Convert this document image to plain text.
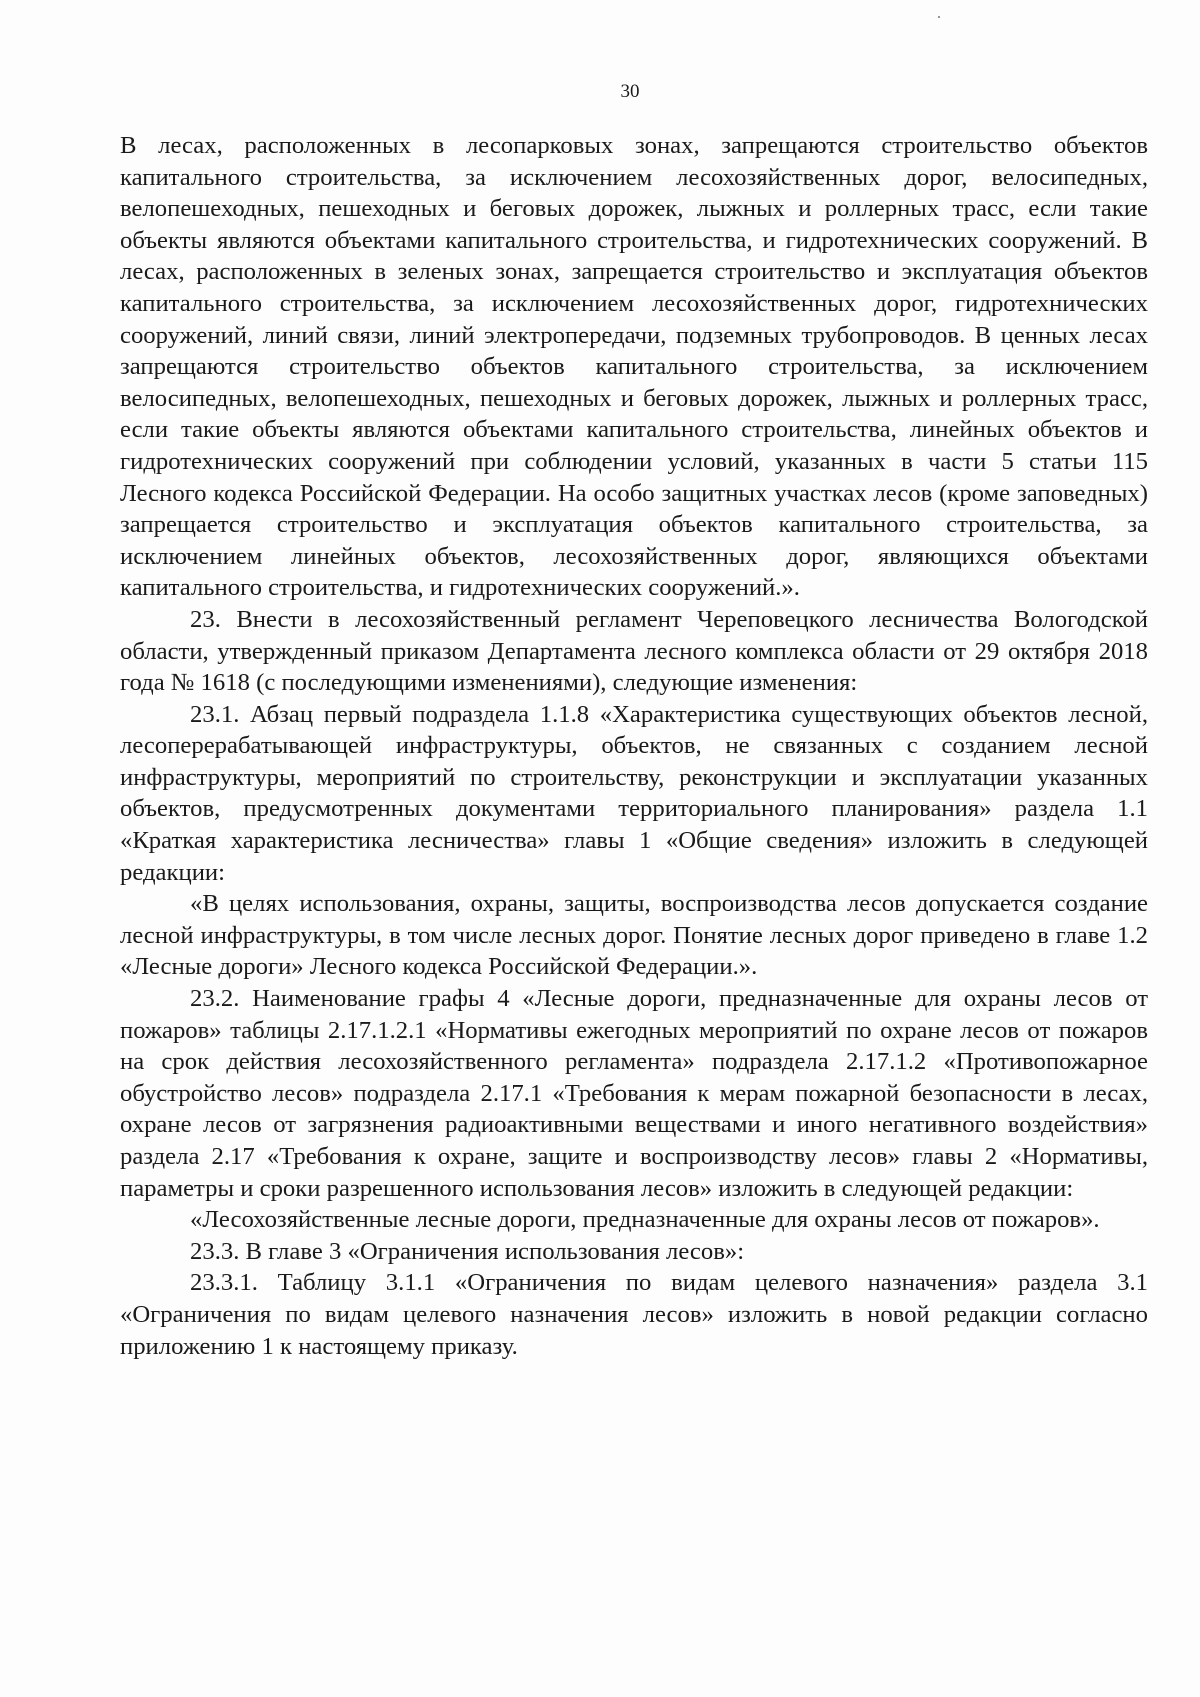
30

В лесах, расположенных в лесопарковых зонах, запрещаются строительство объектов капитального строительства, за исключением лесохозяйственных дорог, велосипедных, велопешеходных, пешеходных и беговых дорожек, лыжных и роллерных трасс, если такие объекты являются объектами капитального строительства, и гидротехнических сооружений. В лесах, расположенных в зеленых зонах, запрещается строительство и эксплуатация объектов капитального строительства, за исключением лесохозяйственных дорог, гидротехнических сооружений, линий связи, линий электропередачи, подземных трубопроводов. В ценных лесах запрещаются строительство объектов капитального строительства, за исключением велосипедных, велопешеходных, пешеходных и беговых дорожек, лыжных и роллерных трасс, если такие объекты являются объектами капитального строительства, линейных объектов и гидротехнических сооружений при соблюдении условий, указанных в части 5 статьи 115 Лесного кодекса Российской Федерации. На особо защитных участках лесов (кроме заповедных) запрещается строительство и эксплуатация объектов капитального строительства, за исключением линейных объектов, лесохозяйственных дорог, являющихся объектами капитального строительства, и гидротехнических сооружений.».

23. Внести в лесохозяйственный регламент Череповецкого лесничества Вологодской области, утвержденный приказом Департамента лесного комплекса области от 29 октября 2018 года № 1618 (с последующими изменениями), следующие изменения:

23.1. Абзац первый подраздела 1.1.8 «Характеристика существующих объектов лесной, лесоперерабатывающей инфраструктуры, объектов, не связанных с созданием лесной инфраструктуры, мероприятий по строительству, реконструкции и эксплуатации указанных объектов, предусмотренных документами территориального планирования» раздела 1.1 «Краткая характеристика лесничества» главы 1 «Общие сведения» изложить в следующей редакции:

«В целях использования, охраны, защиты, воспроизводства лесов допускается создание лесной инфраструктуры, в том числе лесных дорог. Понятие лесных дорог приведено в главе 1.2 «Лесные дороги» Лесного кодекса Российской Федерации.».

23.2. Наименование графы 4 «Лесные дороги, предназначенные для охраны лесов от пожаров» таблицы 2.17.1.2.1 «Нормативы ежегодных мероприятий по охране лесов от пожаров на срок действия лесохозяйственного регламента» подраздела 2.17.1.2 «Противопожарное обустройство лесов» подраздела 2.17.1 «Требования к мерам пожарной безопасности в лесах, охране лесов от загрязнения радиоактивными веществами и иного негативного воздействия» раздела 2.17 «Требования к охране, защите и воспроизводству лесов» главы 2 «Нормативы, параметры и сроки разрешенного использования лесов» изложить в следующей редакции:

«Лесохозяйственные лесные дороги, предназначенные для охраны лесов от пожаров».

23.3. В главе 3 «Ограничения использования лесов»:

23.3.1. Таблицу 3.1.1 «Ограничения по видам целевого назначения» раздела 3.1 «Ограничения по видам целевого назначения лесов» изложить в новой редакции согласно приложению 1 к настоящему приказу.
